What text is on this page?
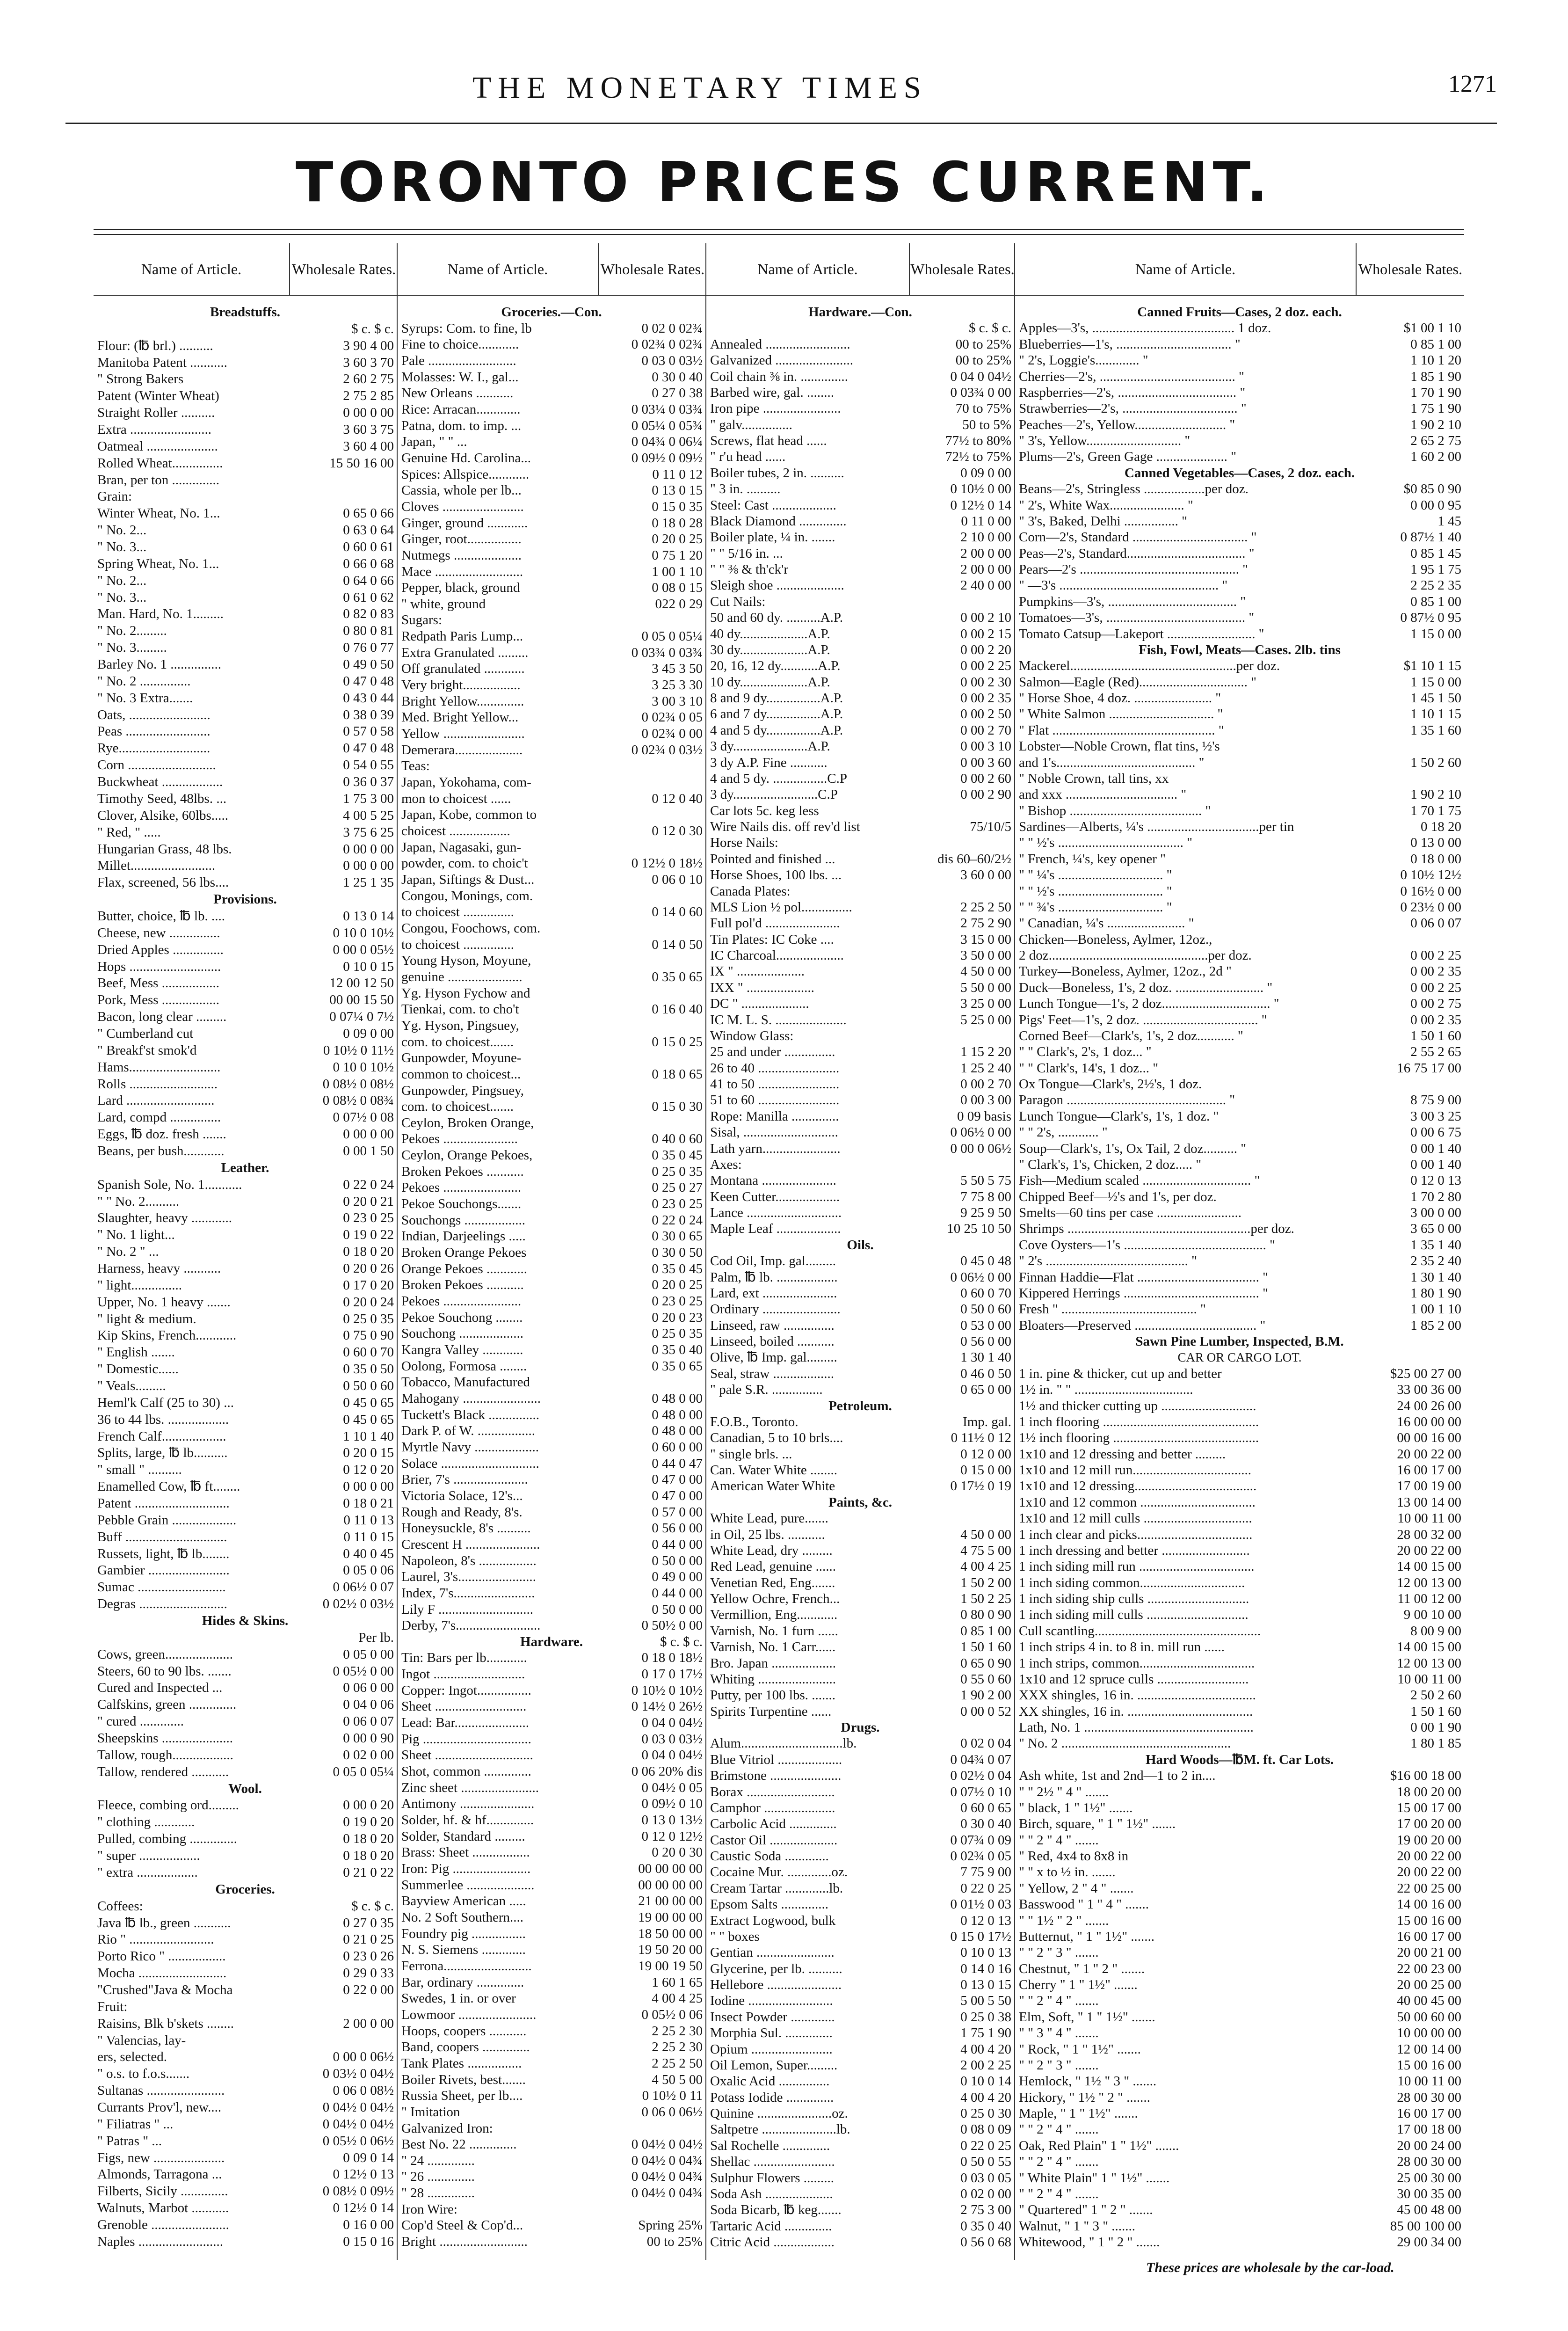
THE MONETARY TIMES	1271
TORONTO PRICES CURRENT.
Name of Article.	Wholesale Rates.
Breadstuffs.
$ c. $ c.
Flour: (℔ brl.) ..........	3 90 4 00
Manitoba Patent ...........	3 60 3 70
" Strong Bakers	2 60 2 75
Patent (Winter Wheat)	2 75 2 85
Straight Roller ..........	0 00 0 00
Extra ........................	3 60 3 75
Oatmeal .....................	3 60 4 00
Rolled Wheat...............	15 50 16 00
Bran, per ton ..............
Grain:
Winter Wheat, No. 1...	0 65 0 66
" No. 2...	0 63 0 64
" No. 3...	0 60 0 61
Spring Wheat, No. 1...	0 66 0 68
" No. 2...	0 64 0 66
" No. 3...	0 61 0 62
Man. Hard, No. 1.........	0 82 0 83
" No. 2.........	0 80 0 81
" No. 3.........	0 76 0 77
Barley No. 1 ...............	0 49 0 50
" No. 2 ...............	0 47 0 48
" No. 3 Extra.......	0 43 0 44
Oats, ........................	0 38 0 39
Peas .........................	0 57 0 58
Rye...........................	0 47 0 48
Corn ..........................	0 54 0 55
Buckwheat ..................	0 36 0 37
Timothy Seed, 48lbs. ...	1 75 3 00
Clover, Alsike, 60lbs.....	4 00 5 25
" Red, " .....	3 75 6 25
Hungarian Grass, 48 lbs.	0 00 0 00
Millet.........................	0 00 0 00
Flax, screened, 56 lbs....	1 25 1 35
Provisions.
Butter, choice, ℔ lb. ....	0 13 0 14
Cheese, new ...............	0 10 0 10½
Dried Apples ...............	0 00 0 05½
Hops ...........................	0 10 0 15
Beef, Mess .................	12 00 12 50
Pork, Mess .................	00 00 15 50
Bacon, long clear .........	0 07¼ 0 7½
" Cumberland cut	0 09 0 00
" Breakf'st smok'd	0 10½ 0 11½
Hams...........................	0 10 0 10½
Rolls ..........................	0 08½ 0 08½
Lard ..........................	0 08½ 0 08¾
Lard, compd ...............	0 07½ 0 08
Eggs, ℔ doz. fresh .......	0 00 0 00
Beans, per bush............	0 00 1 50
Leather.
Spanish Sole, No. 1...........	0 22 0 24
" " No. 2..........	0 20 0 21
Slaughter, heavy ............	0 23 0 25
" No. 1 light...	0 19 0 22
" No. 2 " ...	0 18 0 20
Harness, heavy ...........	0 20 0 26
" light...............	0 17 0 20
Upper, No. 1 heavy .......	0 20 0 24
" light & medium.	0 25 0 35
Kip Skins, French............	0 75 0 90
" English .......	0 60 0 70
" Domestic......	0 35 0 50
" Veals.........	0 50 0 60
Heml'k Calf (25 to 30) ...	0 45 0 65
36 to 44 lbs. ..................	0 45 0 65
French Calf...................	1 10 1 40
Splits, large, ℔ lb..........	0 20 0 15
" small " ..........	0 12 0 20
Enamelled Cow, ℔ ft........	0 00 0 00
Patent ............................	0 18 0 21
Pebble Grain ...................	0 11 0 13
Buff ..............................	0 11 0 15
Russets, light, ℔ lb........	0 40 0 45
Gambier ........................	0 05 0 06
Sumac ..........................	0 06½ 0 07
Degras ..........................	0 02½ 0 03½
Hides & Skins.
Per lb.
Cows, green....................	0 05 0 00
Steers, 60 to 90 lbs. .......	0 05½ 0 00
Cured and Inspected ...	0 06 0 00
Calfskins, green ..............	0 04 0 06
" cured .............	0 06 0 07
Sheepskins .....................	0 00 0 90
Tallow, rough..................	0 02 0 00
Tallow, rendered ...........	0 05 0 05¼
Wool.
Fleece, combing ord.........	0 00 0 20
" clothing ............	0 19 0 20
Pulled, combing ..............	0 18 0 20
" super ..................	0 18 0 20
" extra ..................	0 21 0 22
Groceries.
Coffees:	$ c. $ c.
Java ℔ lb., green ...........	0 27 0 35
Rio " .........................	0 21 0 25
Porto Rico " .................	0 23 0 26
Mocha ..........................	0 29 0 33
"Crushed"Java & Mocha	0 22 0 00
Fruit:
Raisins, Blk b'skets ........	2 00 0 00
" Valencias, lay-
ers, selected.	0 00 0 06½
" o.s. to f.o.s.......	0 03½ 0 04½
Sultanas .......................	0 06 0 08½
Currants Prov'l, new....	0 04½ 0 04½
" Filiatras " ...	0 04½ 0 04½
" Patras " ...	0 05½ 0 06½
Figs, new .....................	0 09 0 14
Almonds, Tarragona ...	0 12½ 0 13
Filberts, Sicily ..............	0 08½ 0 09½
Walnuts, Marbot ...........	0 12½ 0 14
Grenoble .......................	0 16 0 00
Naples .........................	0 15 0 16
Name of Article.	Wholesale Rates.
Groceries.—Con.
Syrups: Com. to fine, lb	0 02 0 02¾
Fine to choice............	0 02¾ 0 02¾
Pale ..........................	0 03 0 03½
Molasses: W. I., gal...	0 30 0 40
New Orleans ...........	0 27 0 38
Rice: Arracan.............	0 03¼ 0 03¾
Patna, dom. to imp. ...	0 05¼ 0 05¾
Japan, " " ...	0 04¾ 0 06¼
Genuine Hd. Carolina...	0 09½ 0 09½
Spices: Allspice............	0 11 0 12
Cassia, whole per lb...	0 13 0 15
Cloves ........................	0 15 0 35
Ginger, ground ............	0 18 0 28
Ginger, root................	0 20 0 25
Nutmegs ....................	0 75 1 20
Mace ..........................	1 00 1 10
Pepper, black, ground	0 08 0 15
" white, ground	022 0 29
Sugars:
Redpath Paris Lump...	0 05 0 05¼
Extra Granulated .........	0 03¾ 0 03¾
Off granulated ............	3 45 3 50
Very bright.................	3 25 3 30
Bright Yellow..............	3 00 3 10
Med. Bright Yellow...	0 02¾ 0 05
Yellow ........................	0 02¾ 0 00
Demerara....................	0 02¾ 0 03½
Teas:
Japan, Yokohama, com-
mon to choicest ......	0 12 0 40
Japan, Kobe, common to
choicest ..................	0 12 0 30
Japan, Nagasaki, gun-
powder, com. to choic't	0 12½ 0 18½
Japan, Siftings & Dust...	0 06 0 10
Congou, Monings, com.
to choicest ...............	0 14 0 60
Congou, Foochows, com.
to choicest ...............	0 14 0 50
Young Hyson, Moyune,
genuine ......................	0 35 0 65
Yg. Hyson Fychow and
Tienkai, com. to cho't	0 16 0 40
Yg. Hyson, Pingsuey,
com. to choicest.......	0 15 0 25
Gunpowder, Moyune-
common to choicest...	0 18 0 65
Gunpowder, Pingsuey,
com. to choicest.......	0 15 0 30
Ceylon, Broken Orange,
Pekoes ......................	0 40 0 60
Ceylon, Orange Pekoes,	0 35 0 45
Broken Pekoes ...........	0 25 0 35
Pekoes .......................	0 25 0 27
Pekoe Souchongs.......	0 23 0 25
Souchongs ..................	0 22 0 24
Indian, Darjeelings .....	0 30 0 65
Broken Orange Pekoes	0 30 0 50
Orange Pekoes ............	0 35 0 45
Broken Pekoes ...........	0 20 0 25
Pekoes .......................	0 23 0 25
Pekoe Souchong ........	0 20 0 23
Souchong ...................	0 25 0 35
Kangra Valley ............	0 35 0 40
Oolong, Formosa ........	0 35 0 65
Tobacco, Manufactured
Mahogany .......................	0 48 0 00
Tuckett's Black ...............	0 48 0 00
Dark P. of W. .................	0 48 0 00
Myrtle Navy ...................	0 60 0 00
Solace .............................	0 44 0 47
Brier, 7's ......................	0 47 0 00
Victoria Solace, 12's...	0 47 0 00
Rough and Ready, 8's.	0 57 0 00
Honeysuckle, 8's ..........	0 56 0 00
Crescent H ......................	0 44 0 00
Napoleon, 8's .................	0 50 0 00
Laurel, 3's.......................	0 49 0 00
Index, 7's........................	0 44 0 00
Lily F ............................	0 50 0 00
Derby, 7's.........................	0 50½ 0 00
Hardware.	$ c. $ c.
Tin: Bars per lb............	0 18 0 18½
Ingot ...........................	0 17 0 17½
Copper: Ingot................	0 10½ 0 10½
Sheet ...........................	0 14½ 0 26½
Lead: Bar......................	0 04 0 04½
Pig ................................	0 03 0 03½
Sheet .............................	0 04 0 04½
Shot, common ..............	0 06 20% dis
Zinc sheet .......................	0 04½ 0 05
Antimony ......................	0 09½ 0 10
Solder, hf. & hf..............	0 13 0 13½
Solder, Standard .........	0 12 0 12½
Brass: Sheet .................	0 20 0 30
Iron: Pig .......................	00 00 00 00
Summerlee ....................	00 00 00 00
Bayview American .....	21 00 00 00
No. 2 Soft Southern....	19 00 00 00
Foundry pig ................	18 50 00 00
N. S. Siemens .............	19 50 20 00
Ferrona..........................	19 00 19 50
Bar, ordinary ..............	1 60 1 65
Swedes, 1 in. or over	4 00 4 25
Lowmoor .......................	0 05½ 0 06
Hoops, coopers ...........	2 25 2 30
Band, coopers ..............	2 25 2 30
Tank Plates ................	2 25 2 50
Boiler Rivets, best.......	4 50 5 00
Russia Sheet, per lb....	0 10½ 0 11
" Imitation	0 06 0 06½
Galvanized Iron:
Best No. 22 ..............	0 04½ 0 04½
" 24 ..............	0 04½ 0 04¾
" 26 ..............	0 04½ 0 04¾
" 28 ..............	0 04½ 0 04¾
Iron Wire:
Cop'd Steel & Cop'd...	Spring 25%
Bright ..........................	00 to 25%
Name of Article.	Wholesale Rates.
Hardware.—Con.
$ c. $ c.
Annealed .........................	00 to 25%
Galvanized .......................	00 to 25%
Coil chain ⅜ in. ..............	0 04 0 04½
Barbed wire, gal. ........	0 03¾ 0 00
Iron pipe .......................	70 to 75%
" galv...............	50 to 5%
Screws, flat head ......	77½ to 80%
" r'u head ......	72½ to 75%
Boiler tubes, 2 in. ..........	0 09 0 00
" 3 in. ..........	0 10½ 0 00
Steel: Cast ...................	0 12½ 0 14
Black Diamond ..............	0 11 0 00
Boiler plate, ¼ in. .......	2 10 0 00
" " 5/16 in. ...	2 00 0 00
" " ⅜ & th'ck'r	2 00 0 00
Sleigh shoe ....................	2 40 0 00
Cut Nails:
50 and 60 dy. ..........A.P.	0 00 2 10
40 dy....................A.P.	0 00 2 15
30 dy....................A.P.	0 00 2 20
20, 16, 12 dy...........A.P.	0 00 2 25
10 dy....................A.P.	0 00 2 30
8 and 9 dy................A.P.	0 00 2 35
6 and 7 dy................A.P.	0 00 2 50
4 and 5 dy................A.P.	0 00 2 70
3 dy......................A.P.	0 00 3 10
3 dy A.P. Fine ...........	0 00 3 60
4 and 5 dy. ................C.P	0 00 2 60
3 dy.........................C.P	0 00 2 90
Car lots 5c. keg less
Wire Nails dis. off rev'd list	75/10/5
Horse Nails:
Pointed and finished ...	dis 60–60/2½
Horse Shoes, 100 lbs. ...	3 60 0 00
Canada Plates:
MLS Lion ½ pol...............	2 25 2 50
Full pol'd ......................	2 75 2 90
Tin Plates: IC Coke ....	3 15 0 00
IC Charcoal....................	3 50 0 00
IX " ....................	4 50 0 00
IXX " ....................	5 50 0 00
DC " ....................	3 25 0 00
IC M. L. S. .....................	5 25 0 00
Window Glass:
25 and under ...............	1 15 2 20
26 to 40 ........................	1 25 2 40
41 to 50 ........................	0 00 2 70
51 to 60 ........................	0 00 3 00
Rope: Manilla ..............	0 09 basis
Sisal, ............................	0 06½ 0 00
Lath yarn.......................	0 00 0 06½
Axes:
Montana ......................	5 50 5 75
Keen Cutter...................	7 75 8 00
Lance ............................	9 25 9 50
Maple Leaf ...................	10 25 10 50
Oils.
Cod Oil, Imp. gal.........	0 45 0 48
Palm, ℔ lb. ..................	0 06½ 0 00
Lard, ext ......................	0 60 0 70
Ordinary .......................	0 50 0 60
Linseed, raw ...............	0 53 0 00
Linseed, boiled ...........	0 56 0 00
Olive, ℔ Imp. gal.........	1 30 1 40
Seal, straw ..................	0 46 0 50
" pale S.R. ...............	0 65 0 00
Petroleum.
F.O.B., Toronto.	Imp. gal.
Canadian, 5 to 10 brls....	0 11½ 0 12
" single brls. ...	0 12 0 00
Can. Water White ........	0 15 0 00
American Water White	0 17½ 0 19
Paints, &c.
White Lead, pure.......
in Oil, 25 lbs. ...........	4 50 0 00
White Lead, dry .........	4 75 5 00
Red Lead, genuine ......	4 00 4 25
Venetian Red, Eng.......	1 50 2 00
Yellow Ochre, French...	1 50 2 25
Vermillion, Eng............	0 80 0 90
Varnish, No. 1 furn ......	0 85 1 00
Varnish, No. 1 Carr......	1 50 1 60
Bro. Japan ...................	0 65 0 90
Whiting .......................	0 55 0 60
Putty, per 100 lbs. .......	1 90 2 00
Spirits Turpentine ......	0 00 0 52
Drugs.
Alum..............................lb.	0 02 0 04
Blue Vitriol ...................	0 04¾ 0 07
Brimstone .....................	0 02½ 0 04
Borax ..........................	0 07½ 0 10
Camphor .....................	0 60 0 65
Carbolic Acid ..............	0 30 0 40
Castor Oil ....................	0 07¾ 0 09
Caustic Soda .............	0 02¾ 0 05
Cocaine Mur. .............oz.	7 75 9 00
Cream Tartar .............lb.	0 22 0 25
Epsom Salts ..............	0 01½ 0 03
Extract Logwood, bulk	0 12 0 13
" " boxes	0 15 0 17½
Gentian .......................	0 10 0 13
Glycerine, per lb. ..........	0 14 0 16
Hellebore ......................	0 13 0 15
Iodine .........................	5 00 5 50
Insect Powder .............	0 25 0 38
Morphia Sul. ..............	1 75 1 90
Opium ........................	4 00 4 20
Oil Lemon, Super.........	2 00 2 25
Oxalic Acid ...............	0 10 0 14
Potass Iodide ..............	4 00 4 20
Quinine ......................oz.	0 25 0 30
Saltpetre ......................lb.	0 08 0 09
Sal Rochelle ..............	0 22 0 25
Shellac ........................	0 50 0 55
Sulphur Flowers .........	0 03 0 05
Soda Ash ....................	0 02 0 00
Soda Bicarb, ℔ keg.......	2 75 3 00
Tartaric Acid ..............	0 35 0 40
Citric Acid ..................	0 56 0 68
Name of Article.	Wholesale Rates.
Canned Fruits—Cases, 2 doz. each.
Apples—3's, .......................................... 1 doz.	$1 00 1 10
Blueberries—1's, .................................. "	0 85 1 00
" 2's, Loggie's............. "	1 10 1 20
Cherries—2's, ........................................ "	1 85 1 90
Raspberries—2's, ................................... "	1 70 1 90
Strawberries—2's, .................................. "	1 75 1 90
Peaches—2's, Yellow........................... "	1 90 2 10
" 3's, Yellow............................ "	2 65 2 75
Plums—2's, Green Gage ..................... "	1 60 2 00
Canned Vegetables—Cases, 2 doz. each.
Beans—2's, Stringless ..................per doz.	$0 85 0 90
" 2's, White Wax...................... "	0 00 0 95
" 3's, Baked, Delhi ................ "	1 45
Corn—2's, Standard .................................. "	0 87½ 1 40
Peas—2's, Standard................................... "	0 85 1 45
Pears—2's ............................................... "	1 95 1 75
" —3's ............................................... "	2 25 2 35
Pumpkins—3's, ...................................... "	0 85 1 00
Tomatoes—3's, ......................................... "	0 87½ 0 95
Tomato Catsup—Lakeport .......................... "	1 15 0 00
Fish, Fowl, Meats—Cases. 2lb. tins
Mackerel.................................................per doz.	$1 10 1 15
Salmon—Eagle (Red)................................ "	1 15 0 00
" Horse Shoe, 4 doz. ....................... "	1 45 1 50
" White Salmon ............................... "	1 10 1 15
" Flat ................................................ "	1 35 1 60
Lobster—Noble Crown, flat tins, ½'s
and 1's......................................... "	1 50 2 60
" Noble Crown, tall tins, xx
and xxx ................................. "	1 90 2 10
" Bishop ....................................... "	1 70 1 75
Sardines—Alberts, ¼'s .................................per tin	0 18 20
" " ½'s ..................................... "	0 13 0 00
" French, ¼'s, key opener "	0 18 0 00
" " ¼'s ............................... "	0 10½ 12½
" " ½'s ............................... "	0 16½ 0 00
" " ¾'s ............................... "	0 23½ 0 00
" Canadian, ¼'s ....................... "	0 06 0 07
Chicken—Boneless, Aylmer, 12oz.,
2 doz...............................................per doz.	0 00 2 25
Turkey—Boneless, Aylmer, 12oz., 2d "	0 00 2 35
Duck—Boneless, 1's, 2 doz. .......................... "	0 00 2 25
Lunch Tongue—1's, 2 doz................................ "	0 00 2 75
Pigs' Feet—1's, 2 doz. .................................. "	0 00 2 35
Corned Beef—Clark's, 1's, 2 doz........... "	1 50 1 60
" " Clark's, 2's, 1 doz... "	2 55 2 65
" " Clark's, 14's, 1 doz... "	16 75 17 00
Ox Tongue—Clark's, 2½'s, 1 doz.
Paragon ............................................... "	8 75 9 00
Lunch Tongue—Clark's, 1's, 1 doz. "	3 00 3 25
" " 2's, ............ "	0 00 6 75
Soup—Clark's, 1's, Ox Tail, 2 doz.......... "	0 00 1 40
" Clark's, 1's, Chicken, 2 doz..... "	0 00 1 40
Fish—Medium scaled ................................ "	0 12 0 13
Chipped Beef—½'s and 1's, per doz.	1 70 2 80
Smelts—60 tins per case .........................	3 00 0 00
Shrimps ......................................................per doz.	3 65 0 00
Cove Oysters—1's .......................................... "	1 35 1 40
" 2's .......................................... "	2 35 2 40
Finnan Haddie—Flat .................................... "	1 30 1 40
Kippered Herrings ........................................ "	1 80 1 90
Fresh " ........................................ "	1 00 1 10
Bloaters—Preserved .................................... "	1 85 2 00
Sawn Pine Lumber, Inspected, B.M.
CAR OR CARGO LOT.
1 in. pine & thicker, cut up and better	$25 00 27 00
1½ in. " " ...................................	33 00 36 00
1½ and thicker cutting up ............................	24 00 26 00
1 inch flooring ..............................................	16 00 00 00
1½ inch flooring ...........................................	00 00 16 00
1x10 and 12 dressing and better .........	20 00 22 00
1x10 and 12 mill run...................................	16 00 17 00
1x10 and 12 dressing....................................	17 00 19 00
1x10 and 12 common ..................................	13 00 14 00
1x10 and 12 mill culls ................................	10 00 11 00
1 inch clear and picks..................................	28 00 32 00
1 inch dressing and better ..........................	20 00 22 00
1 inch siding mill run ..................................	14 00 15 00
1 inch siding common...............................	12 00 13 00
1 inch siding ship culls ..............................	11 00 12 00
1 inch siding mill culls ..............................	9 00 10 00
Cull scantling.................................................	8 00 9 00
1 inch strips 4 in. to 8 in. mill run ......	14 00 15 00
1 inch strips, common..................................	12 00 13 00
1x10 and 12 spruce culls ...........................	10 00 11 00
XXX shingles, 16 in. ...................................	2 50 2 60
XX shingles, 16 in. .....................................	1 50 1 60
Lath, No. 1 ..................................................	0 00 1 90
" No. 2 ..................................................	1 80 1 85
Hard Woods—℔M. ft. Car Lots.
Ash white, 1st and 2nd—1 to 2 in....	$16 00 18 00
" " 2½ " 4 " .......	18 00 20 00
" black, 1 " 1½" .......	15 00 17 00
Birch, square, " 1 " 1½" .......	17 00 20 00
" " 2 " 4 " .......	19 00 20 00
" Red, 4x4 to 8x8 in	20 00 22 00
" " x to ½ in. .......	20 00 22 00
" Yellow, 2 " 4 " .......	22 00 25 00
Basswood " 1 " 4 " .......	14 00 16 00
" " 1½ " 2 " .......	15 00 16 00
Butternut, " 1 " 1½" .......	16 00 17 00
" " 2 " 3 " .......	20 00 21 00
Chestnut, " 1 " 2 " .......	22 00 23 00
Cherry " 1 " 1½" .......	20 00 25 00
" " 2 " 4 " .......	40 00 45 00
Elm, Soft, " 1 " 1½" .......	50 00 60 00
" " 3 " 4 " .......	10 00 00 00
" Rock, " 1 " 1½" .......	12 00 14 00
" " 2 " 3 " .......	15 00 16 00
Hemlock, " 1½ " 3 " .......	10 00 11 00
Hickory, " 1½ " 2 " .......	28 00 30 00
Maple, " 1 " 1½" .......	16 00 17 00
" " 2 " 4 " .......	17 00 18 00
Oak, Red Plain" 1 " 1½" .......	20 00 24 00
" " 2 " 4 " .......	28 00 30 00
" White Plain" 1 " 1½" .......	25 00 30 00
" " 2 " 4 " .......	30 00 35 00
" Quartered" 1 " 2 " .......	45 00 48 00
Walnut, " 1 " 3 " .......	85 00 100 00
Whitewood, " 1 " 2 " .......	29 00 34 00
These prices are wholesale by the car-load.
